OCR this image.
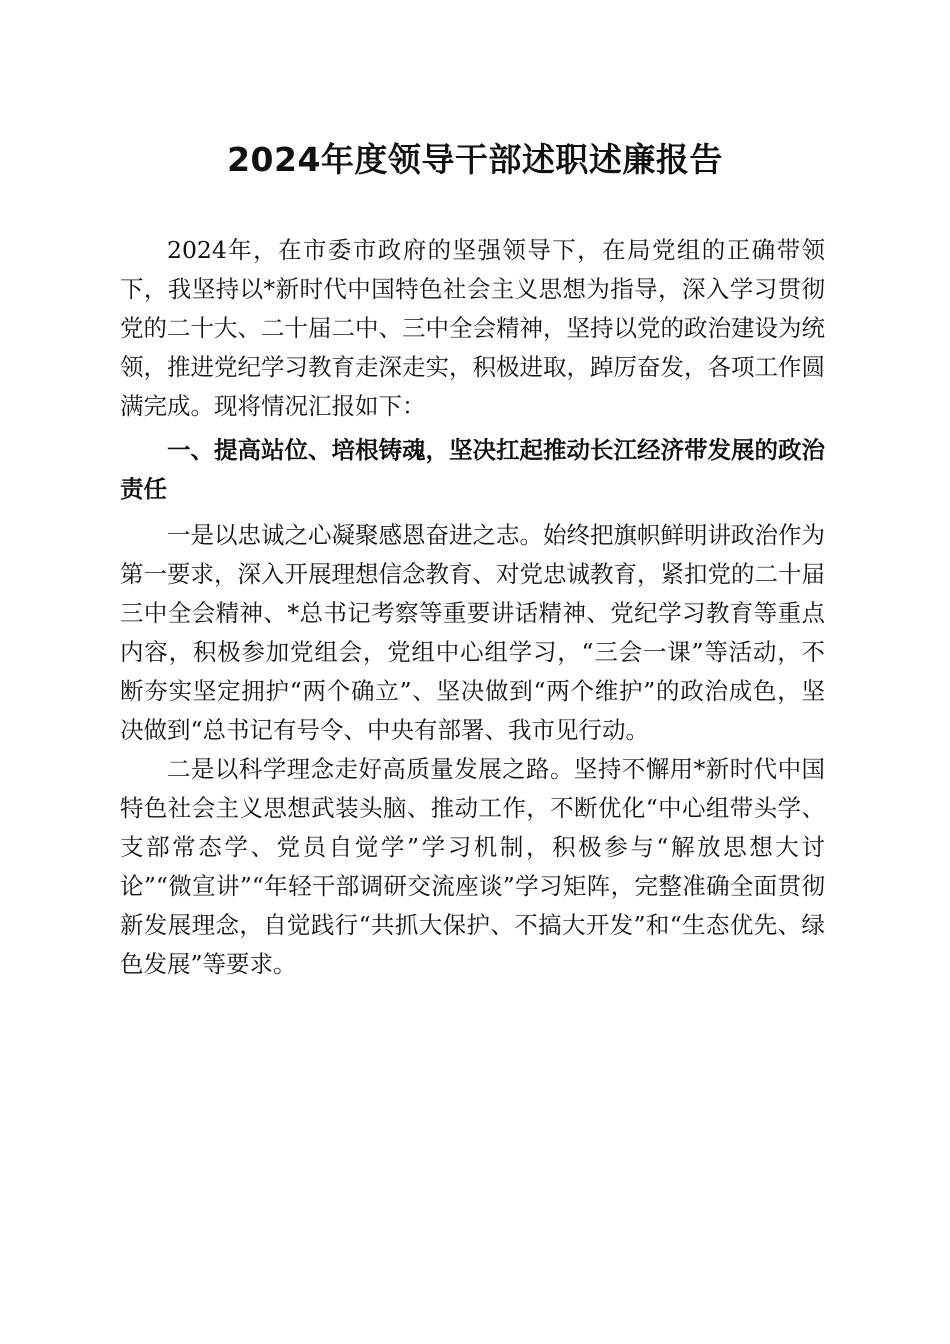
2024年度领导干部述职述廉报告

2024年，在市委市政府的坚强领导下，在局党组的正确带领下，我坚持以*新时代中国特色社会主义思想为指导，深入学习贯彻党的二十大、二十届二中、三中全会精神，坚持以党的政治建设为统领，推进党纪学习教育走深走实，积极进取，踔厉奋发，各项工作圆满完成。现将情况汇报如下：

一、提高站位、培根铸魂，坚决扛起推动长江经济带发展的政治责任

一是以忠诚之心凝聚感恩奋进之志。始终把旗帜鲜明讲政治作为第一要求，深入开展理想信念教育、对党忠诚教育，紧扣党的二十届三中全会精神、*总书记考察等重要讲话精神、党纪学习教育等重点内容，积极参加党组会，党组中心组学习，“三会一课”等活动，不断夯实坚定拥护“两个确立”、坚决做到“两个维护”的政治成色，坚决做到“总书记有号令、中央有部署、我市见行动。

二是以科学理念走好高质量发展之路。坚持不懈用*新时代中国特色社会主义思想武装头脑、推动工作，不断优化“中心组带头学、支部常态学、党员自觉学”学习机制，积极参与“解放思想大讨论”“微宣讲”“年轻干部调研交流座谈”学习矩阵，完整准确全面贯彻新发展理念，自觉践行“共抓大保护、不搞大开发”和“生态优先、绿色发展”等要求。
